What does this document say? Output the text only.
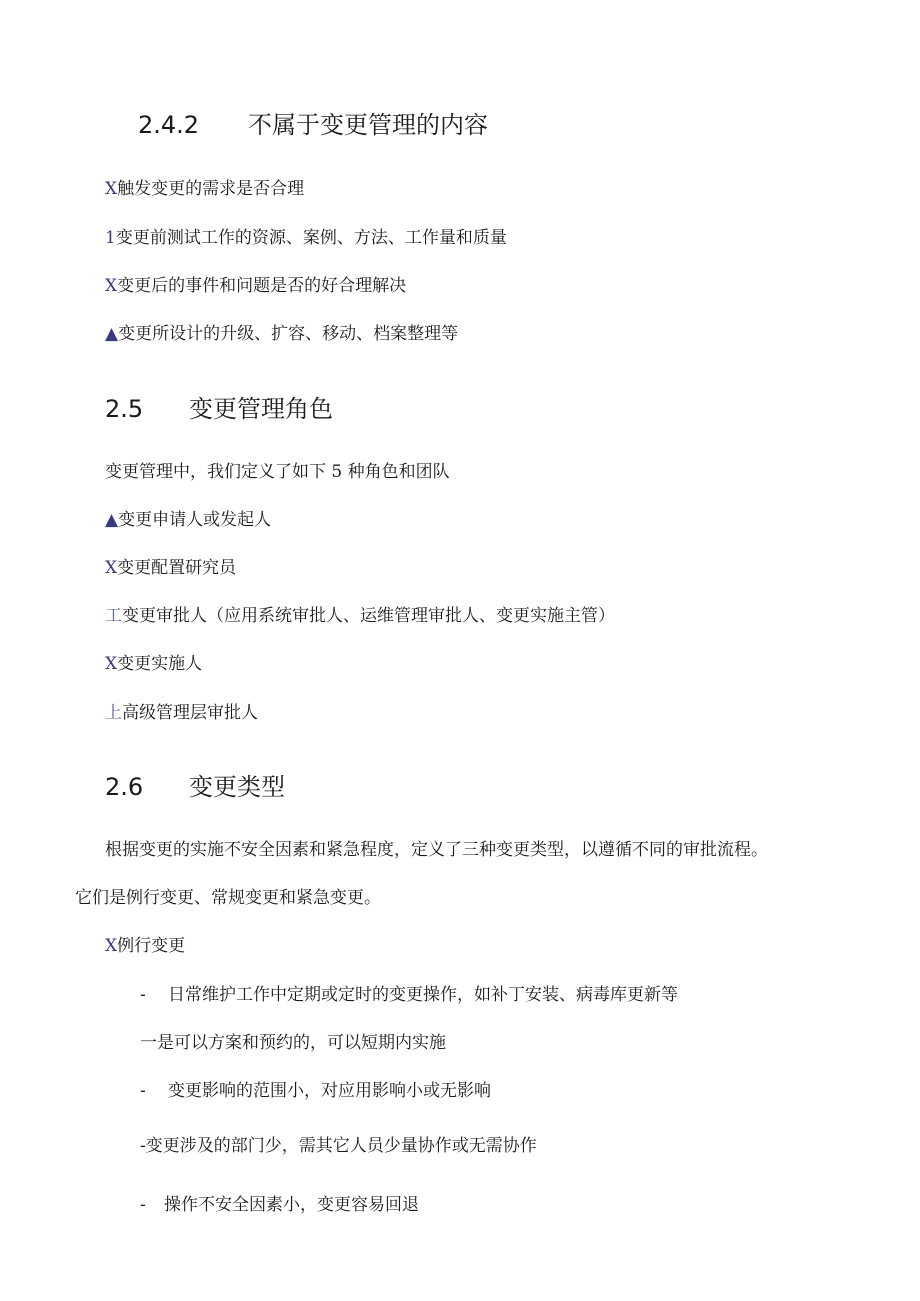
2.4.2 不属于变更管理的内容
X触发变更的需求是否合理
1变更前测试工作的资源、案例、方法、工作量和质量
X变更后的事件和问题是否的好合理解决
▲变更所设计的升级、扩容、移动、档案整理等
2.5 变更管理角色
变更管理中，我们定义了如下 5 种角色和团队
▲变更申请人或发起人
X变更配置研究员
工变更审批人（应用系统审批人、运维管理审批人、变更实施主管）
X变更实施人
上高级管理层审批人
2.6 变更类型
根据变更的实施不安全因素和紧急程度，定义了三种变更类型，以遵循不同的审批流程。
它们是例行变更、常规变更和紧急变更。
X例行变更
- 日常维护工作中定期或定时的变更操作，如补丁安装、病毒库更新等
一是可以方案和预约的，可以短期内实施
- 变更影响的范围小，对应用影响小或无影响
-变更涉及的部门少，需其它人员少量协作或无需协作
- 操作不安全因素小，变更容易回退
